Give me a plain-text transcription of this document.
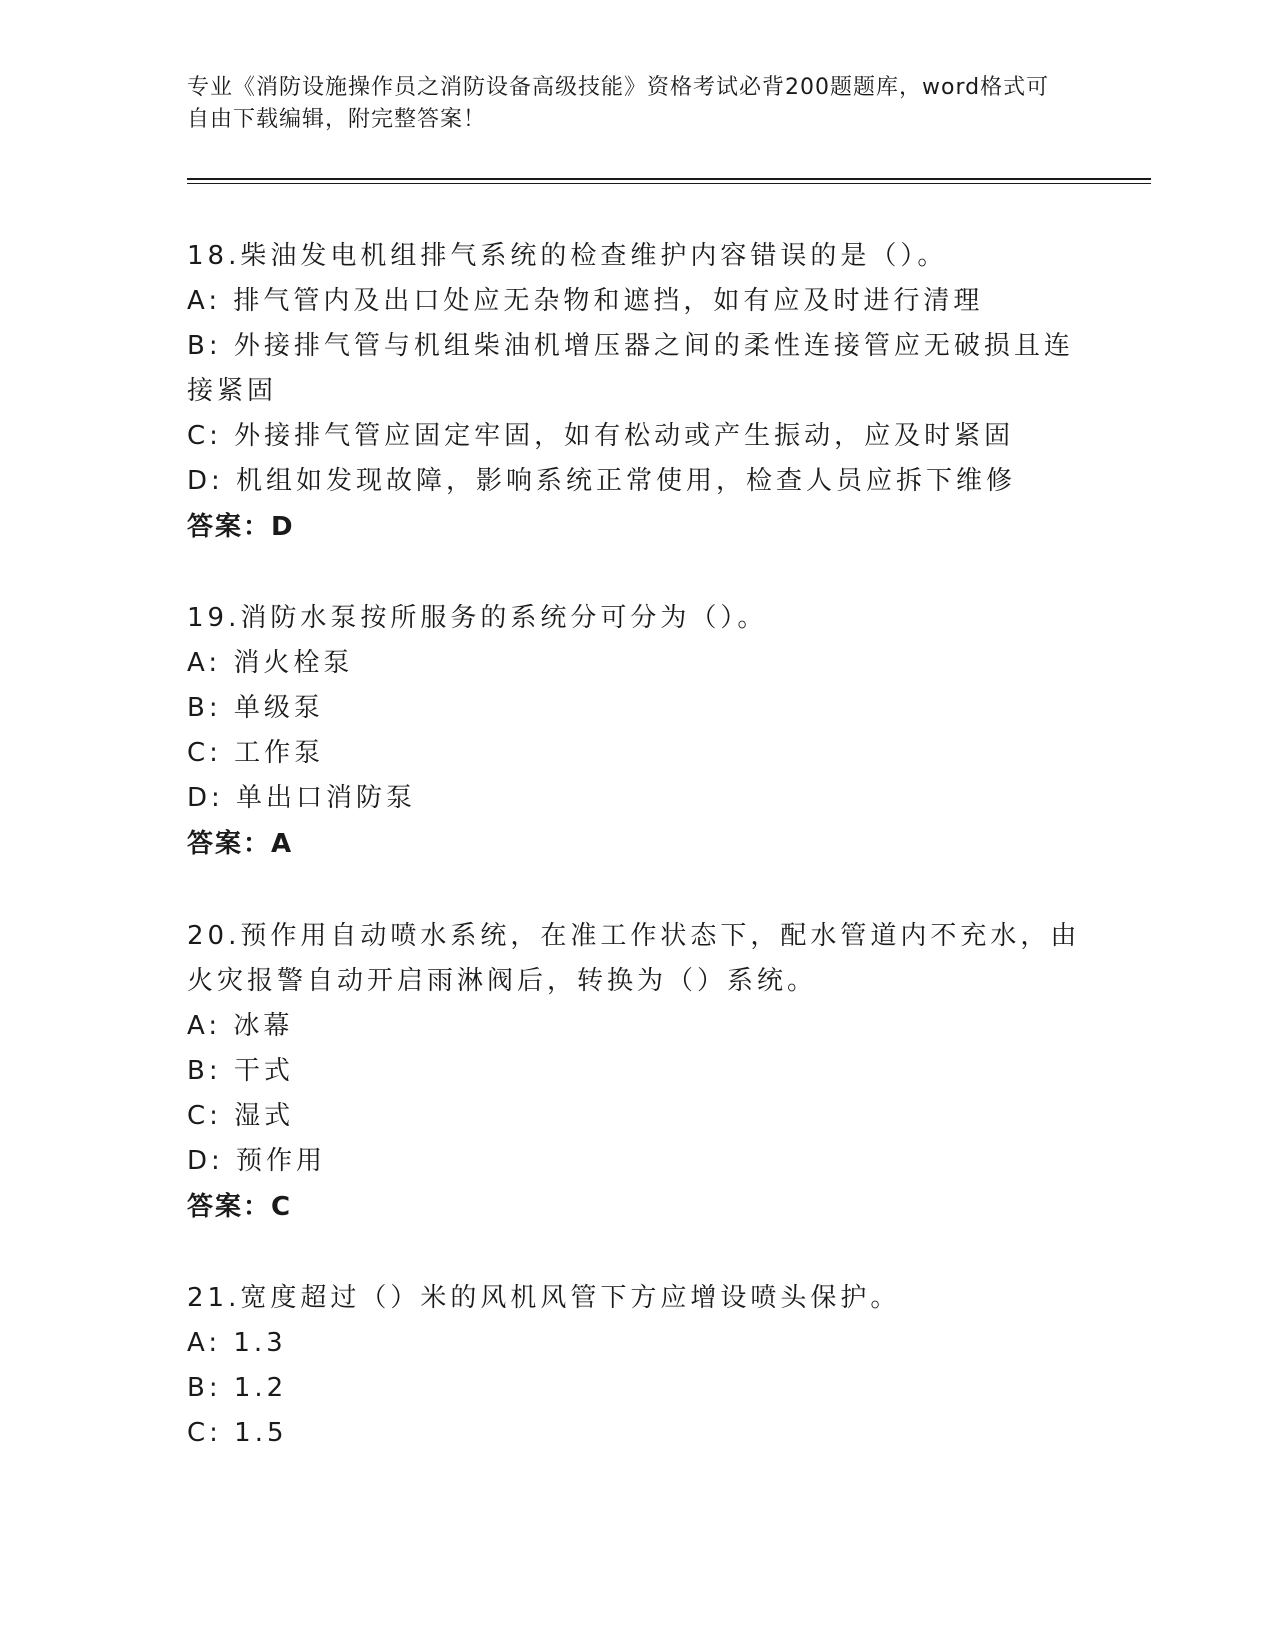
专业《消防设施操作员之消防设备高级技能》资格考试必背200题题库，word格式可自由下载编辑，附完整答案！

18.柴油发电机组排气系统的检查维护内容错误的是（）。

A: 排气管内及出口处应无杂物和遮挡，如有应及时进行清理

B: 外接排气管与机组柴油机增压器之间的柔性连接管应无破损且连接紧固

C: 外接排气管应固定牢固，如有松动或产生振动，应及时紧固

D: 机组如发现故障，影响系统正常使用，检查人员应拆下维修

答案：D

19.消防水泵按所服务的系统分可分为（）。

A: 消火栓泵

B: 单级泵

C: 工作泵

D: 单出口消防泵

答案：A

20.预作用自动喷水系统，在准工作状态下，配水管道内不充水，由火灾报警自动开启雨淋阀后，转换为（）系统。

A: 冰幕

B: 干式

C: 湿式

D: 预作用

答案：C

21.宽度超过（）米的风机风管下方应增设喷头保护。

A: 1.3

B: 1.2

C: 1.5
